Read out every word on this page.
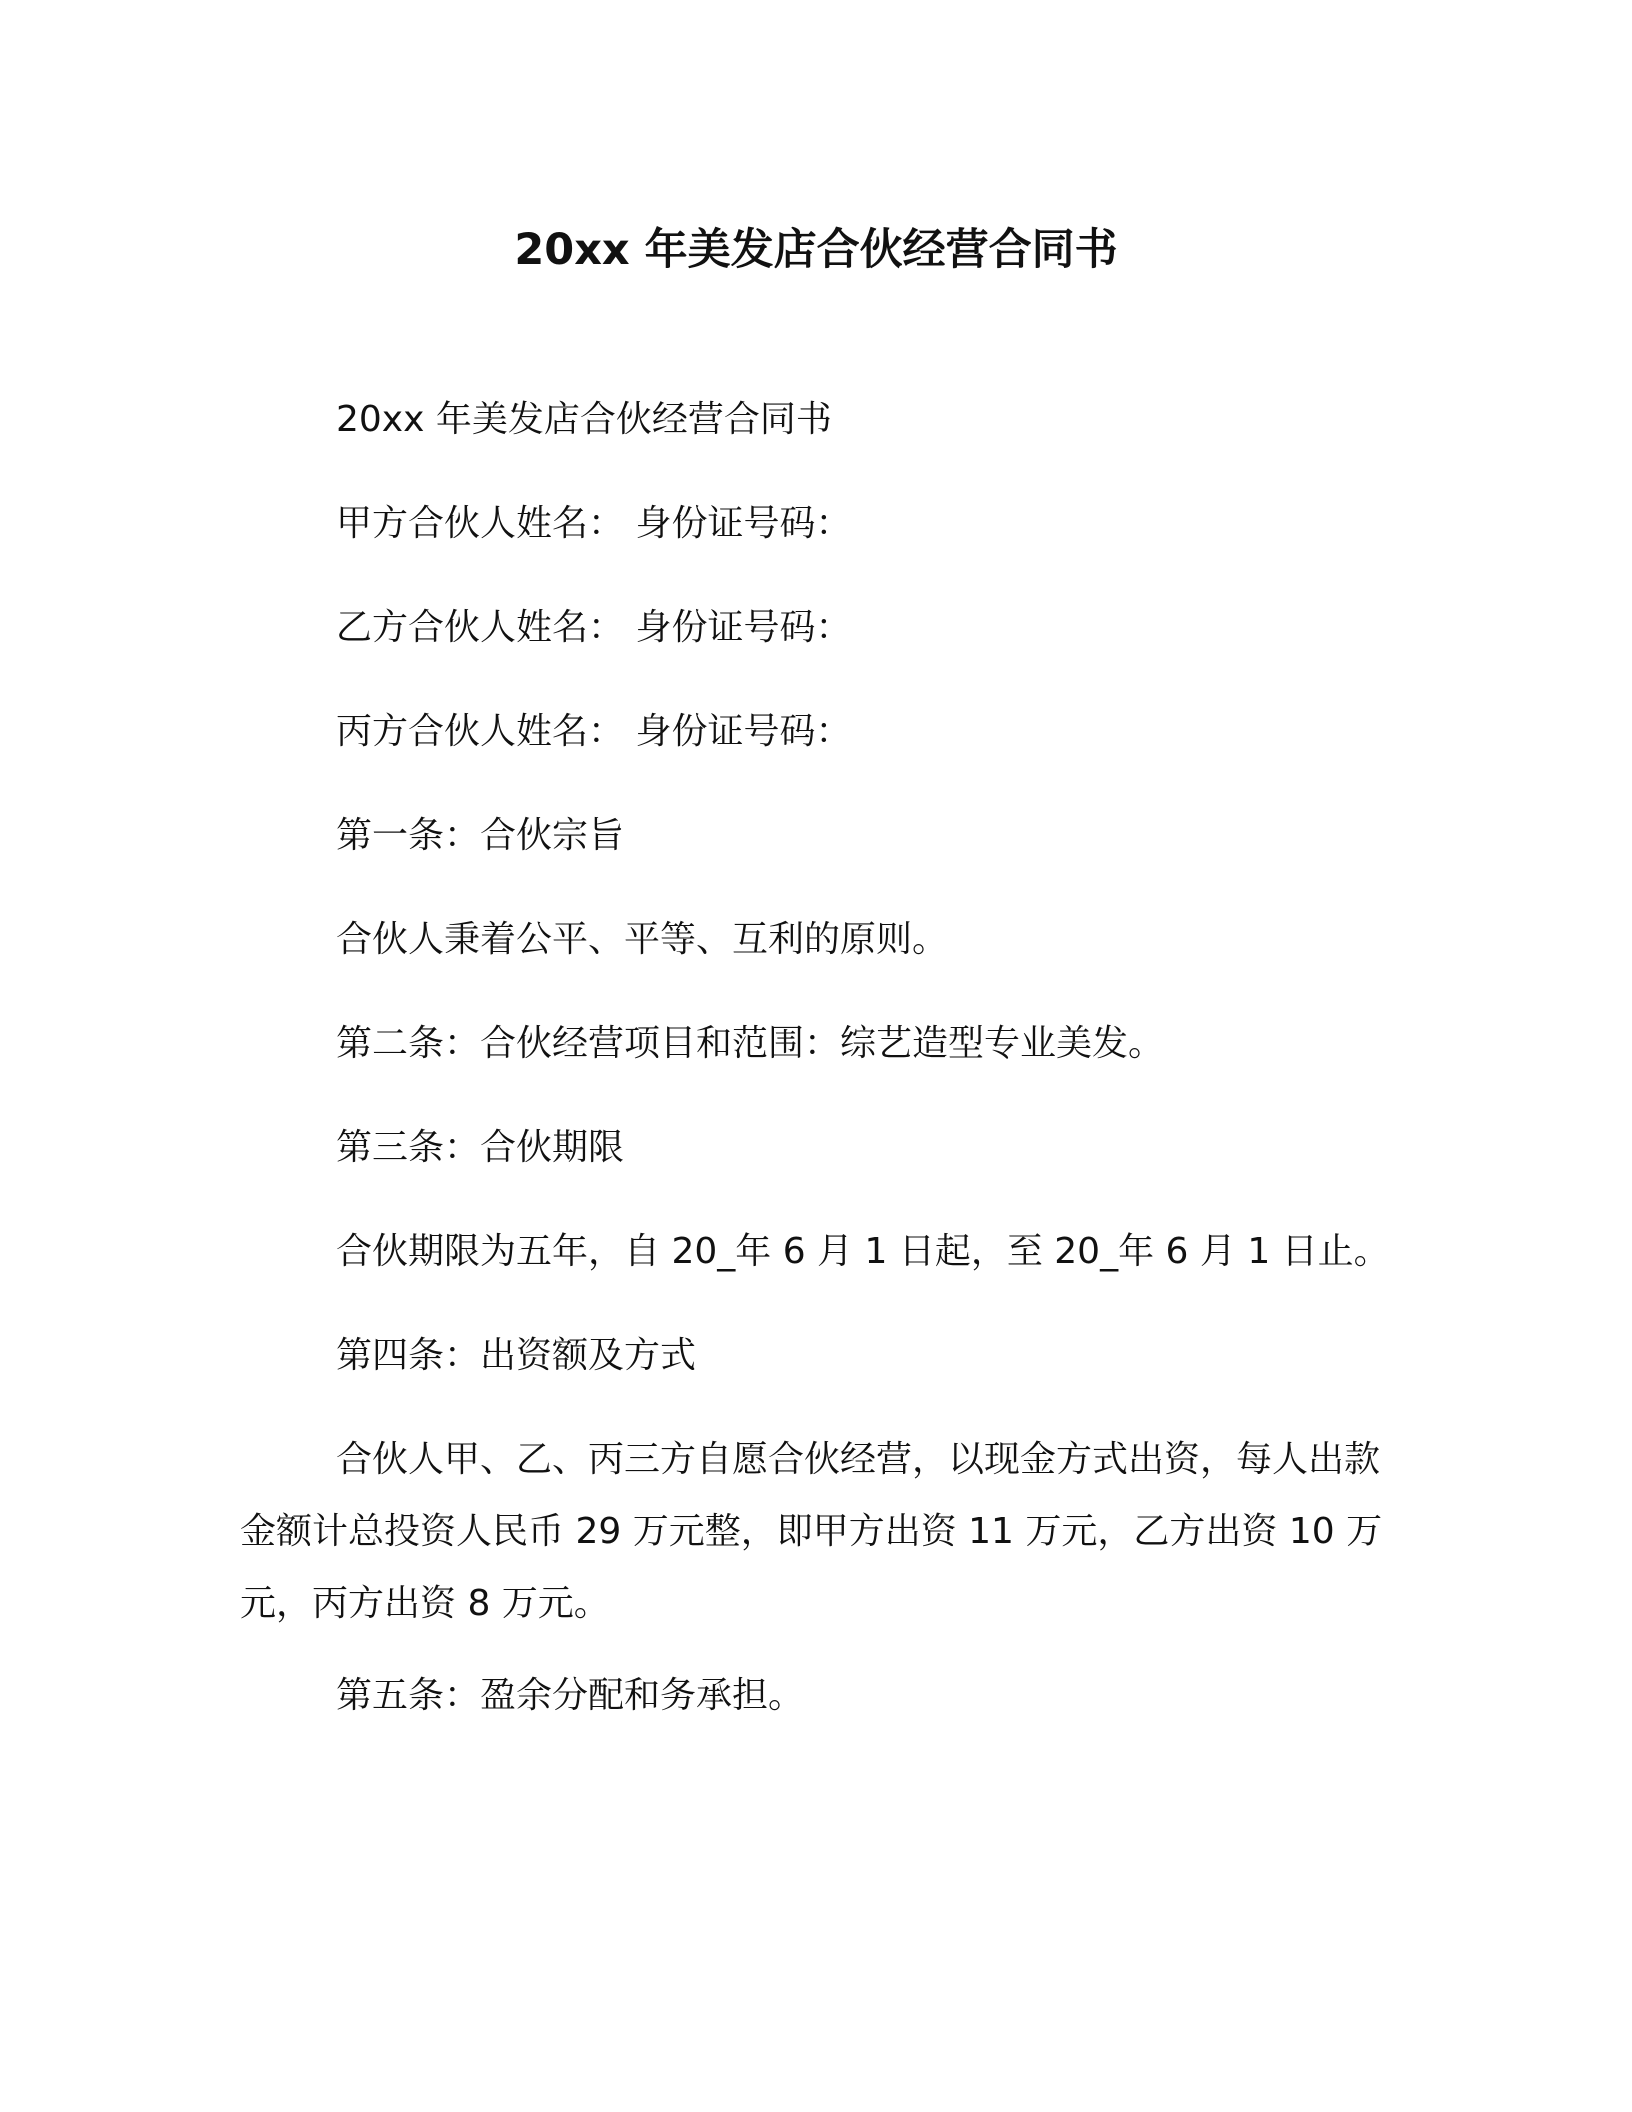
20xx 年美发店合伙经营合同书

20xx 年美发店合伙经营合同书

甲方合伙人姓名： 身份证号码：

乙方合伙人姓名： 身份证号码：

丙方合伙人姓名： 身份证号码：

第一条：合伙宗旨

合伙人秉着公平、平等、互利的原则。

第二条：合伙经营项目和范围：综艺造型专业美发。

第三条：合伙期限

合伙期限为五年，自 20_年 6 月 1 日起，至 20_年 6 月 1 日止。

第四条：出资额及方式

合伙人甲、乙、丙三方自愿合伙经营，以现金方式出资，每人出款金额计总投资人民币 29 万元整，即甲方出资 11 万元，乙方出资 10 万元，丙方出资 8 万元。

第五条：盈余分配和务承担。
